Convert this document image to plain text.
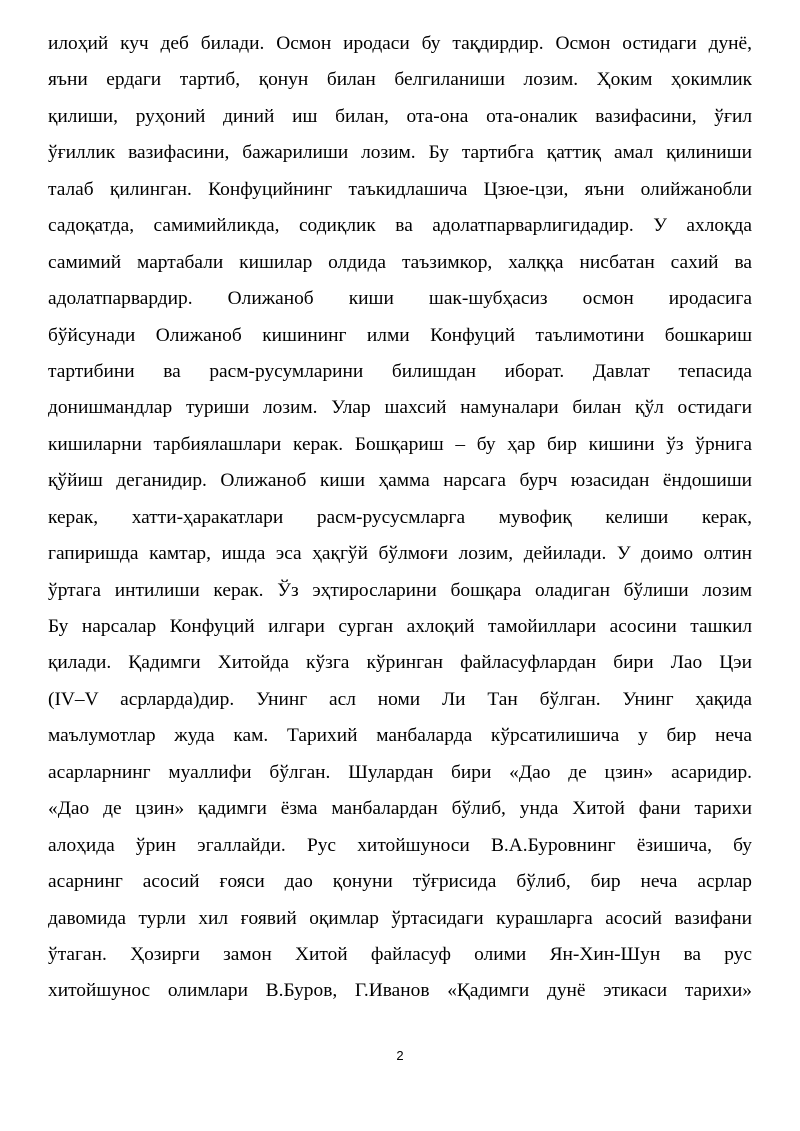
илоҳий куч деб билади. Осмон иродаси бу тақдирдир. Осмон остидаги дунё,
яъни ердаги тартиб, қонун билан белгиланиши лозим. Ҳоким ҳокимлик
қилиши, руҳоний диний иш билан, ота-она ота-оналик вазифасини, ўғил
ўғиллик вазифасини, бажарилиши лозим. Бу тартибга қаттиқ амал қилиниши
талаб қилинган. Конфуцийнинг таъкидлашича Цзюе-цзи, яъни олийжанобли
садоқатда, самимийликда, содиқлик ва адолатпарварлигидадир. У ахлоқда
самимий мартабали кишилар олдида таъзимкор, халққа нисбатан сахий ва
адолатпарвардир. Олижаноб киши шак-шубҳасиз осмон иродасига
бўйсунади Олижаноб кишининг илми Конфуций таълимотини бошкариш
тартибини ва расм-русумларини билишдан иборат. Давлат тепасида
донишмандлар туриши лозим. Улар шахсий намуналари билан қўл остидаги
кишиларни тарбиялашлари керак. Бошқариш – бу ҳар бир кишини ўз ўрнига
қўйиш деганидир. Олижаноб киши ҳамма нарсага бурч юзасидан ёндошиши
керак, хатти-ҳаракатлари расм-русусмларга мувофиқ келиши керак,
гапиришда камтар, ишда эса ҳақгўй бўлмоғи лозим, дейилади. У доимо олтин
ўртага интилиши керак. Ўз эҳтиросларини бошқара оладиган бўлиши лозим
Бу нарсалар Конфуций илгари сурган ахлоқий тамойиллари асосини ташкил
қилади. Қадимги Хитойда кўзга кўринган файласуфлардан бири Лао Цэи
(IV–V асрларда)дир. Унинг асл номи Ли Тан бўлган. Унинг ҳақида
маълумотлар жуда кам. Тарихий манбаларда кўрсатилишича у бир неча
асарларнинг муаллифи бўлган. Шулардан бири «Дао де цзин» асаридир.
«Дао де цзин» қадимги ёзма манбалардан бўлиб, унда Хитой фани тарихи
алоҳида ўрин эгаллайди. Рус хитойшуноси В.А.Буровнинг ёзишича, бу
асарнинг асосий ғояси дао қонуни тўғрисида бўлиб, бир неча асрлар
давомида турли хил ғоявий оқимлар ўртасидаги курашларга асосий вазифани
ўтаган. Ҳозирги замон Хитой файласуф олими Ян-Хин-Шун ва рус
хитойшунос олимлари В.Буров, Г.Иванов «Қадимги дунё этикаси тарихи»
2
